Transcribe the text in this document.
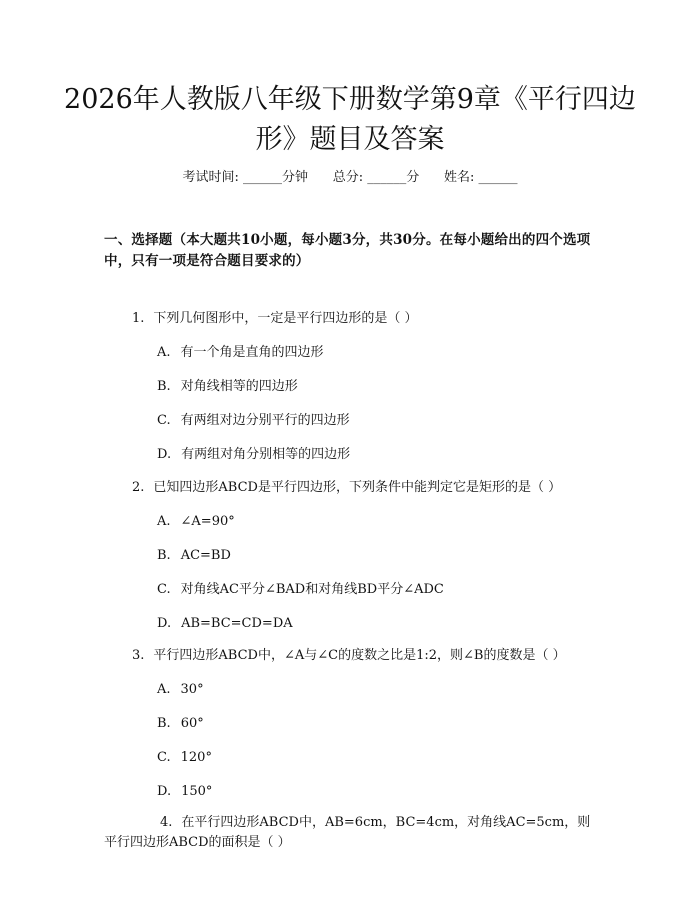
2026年人教版八年级下册数学第9章《平行四边形》题目及答案
考试时间: ______分钟      总分: ______分      姓名: ______
一、选择题（本大题共10小题，每小题3分，共30分。在每小题给出的四个选项中，只有一项是符合题目要求的）
1. 下列几何图形中，一定是平行四边形的是（ ）
A. 有一个角是直角的四边形
B. 对角线相等的四边形
C. 有两组对边分别平行的四边形
D. 有两组对角分别相等的四边形
2. 已知四边形ABCD是平行四边形，下列条件中能判定它是矩形的是（ ）
A. ∠A=90°
B. AC=BD
C. 对角线AC平分∠BAD和对角线BD平分∠ADC
D. AB=BC=CD=DA
3. 平行四边形ABCD中，∠A与∠C的度数之比是1:2，则∠B的度数是（ ）
A. 30°
B. 60°
C. 120°
D. 150°
4. 在平行四边形ABCD中，AB=6cm，BC=4cm，对角线AC=5cm，则平行四边形ABCD的面积是（ ）
